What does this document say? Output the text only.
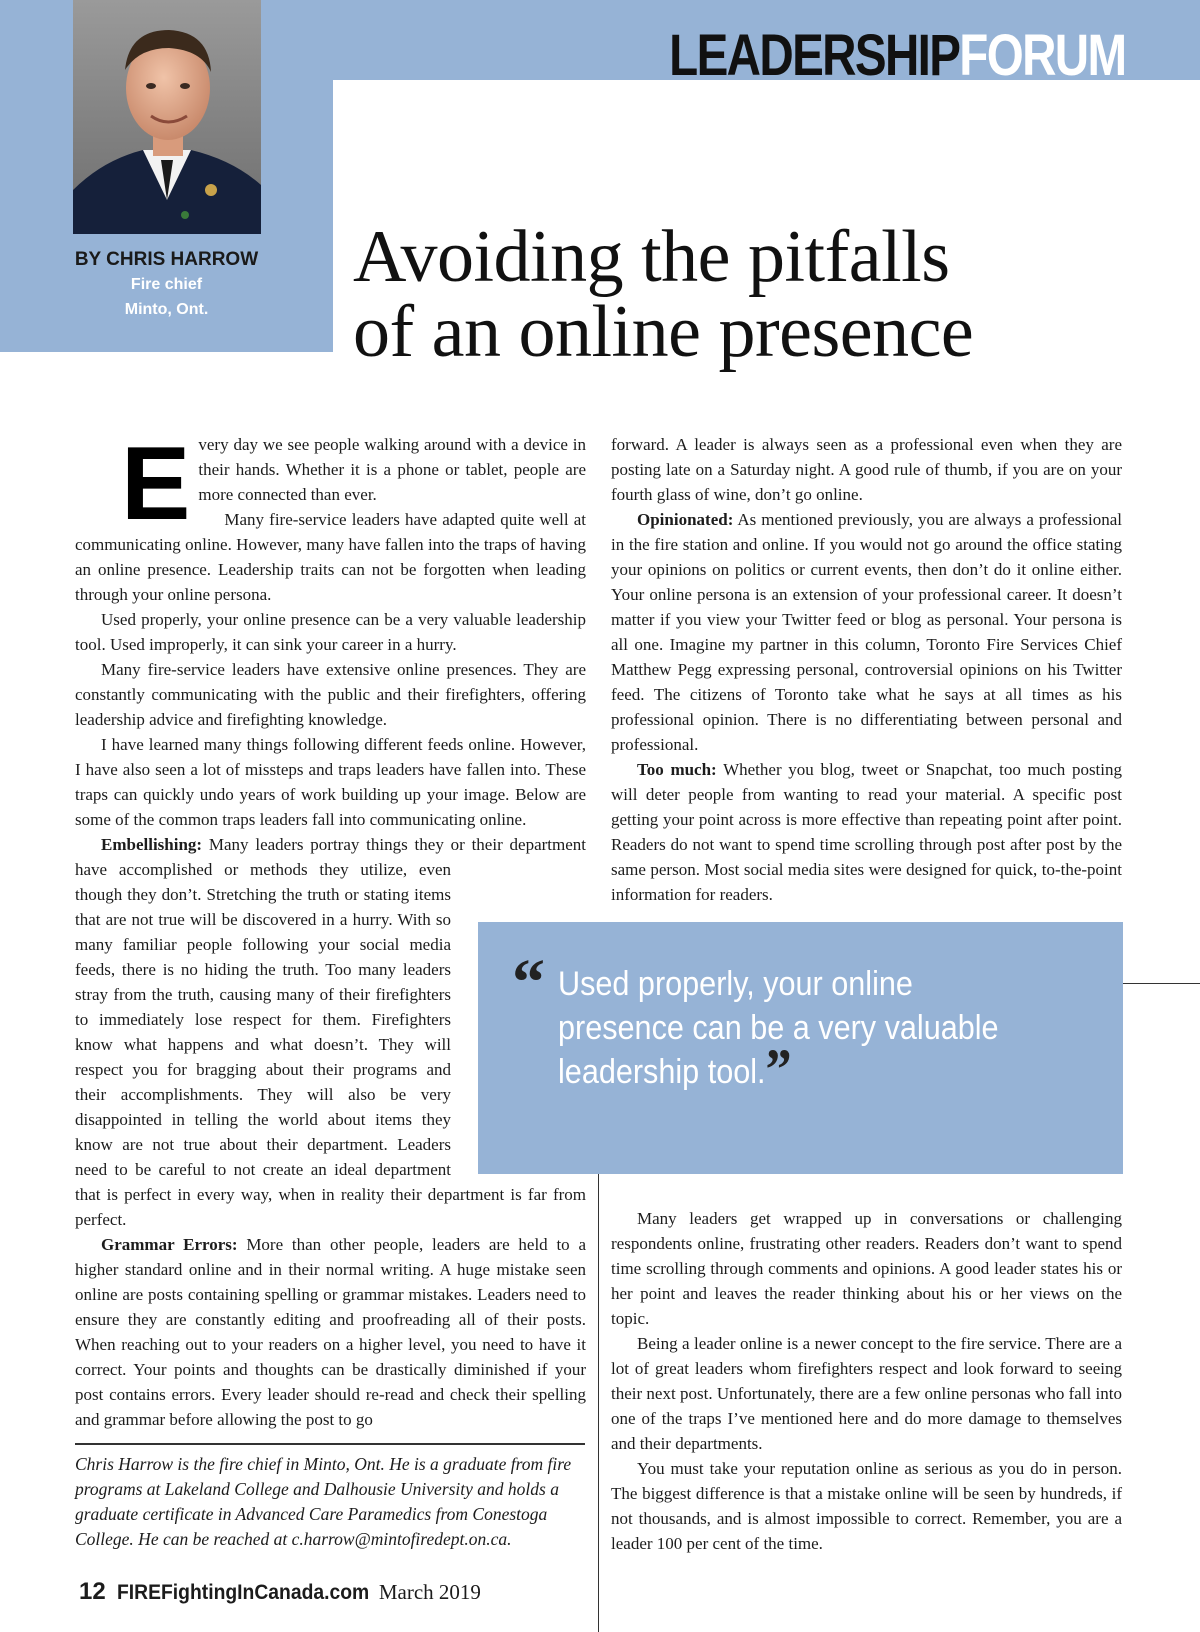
LEADERSHIPFORUM
BY CHRIS HARROW
Fire chief
Minto, Ont.
Avoiding the pitfalls
of an online presence

Every day we see people walking around with a device in their hands. Whether it is a phone or tablet, people are more connected than ever.

Many fire-service leaders have adapted quite well at communicating online. However, many have fallen into the traps of having an online presence. Leadership traits can not be forgotten when leading through your online persona.

Used properly, your online presence can be a very valuable leadership tool. Used improperly, it can sink your career in a hurry.

Many fire-service leaders have extensive online presences. They are constantly communicating with the public and their firefighters, offering leadership advice and firefighting knowledge.

I have learned many things following different feeds online. However, I have also seen a lot of missteps and traps leaders have fallen into. These traps can quickly undo years of work building up your image. Below are some of the common traps leaders fall into communicating online.

Embellishing: Many leaders portray things they or their department have accomplished or methods they utilize, even though they don’t. Stretching the truth or stating items that are not true will be discovered in a hurry. With so many familiar people following your social media feeds, there is no hiding the truth. Too many leaders stray from the truth, causing many of their firefighters to immediately lose respect for them. Firefighters know what happens and what doesn’t. They will respect you for bragging about their programs and their accomplishments. They will also be very disappointed in telling the world about items they know are not true about their department. Leaders need to be careful to not create an ideal department that is perfect in every way, when in reality their department is far from perfect.

Grammar Errors: More than other people, leaders are held to a higher standard online and in their normal writing. A huge mistake seen online are posts containing spelling or grammar mistakes. Leaders need to ensure they are constantly editing and proofreading all of their posts. When reaching out to your readers on a higher level, you need to have it correct. Your points and thoughts can be drastically diminished if your post contains errors. Every leader should re-read and check their spelling and grammar before allowing the post to go

forward. A leader is always seen as a professional even when they are posting late on a Saturday night. A good rule of thumb, if you are on your fourth glass of wine, don’t go online.

Opinionated: As mentioned previously, you are always a professional in the fire station and online. If you would not go around the office stating your opinions on politics or current events, then don’t do it online either. Your online persona is an extension of your professional career. It doesn’t matter if you view your Twitter feed or blog as personal. Your persona is all one. Imagine my partner in this column, Toronto Fire Services Chief Matthew Pegg expressing personal, controversial opinions on his Twitter feed. The citizens of Toronto take what he says at all times as his professional opinion. There is no differentiating between personal and professional.

Too much: Whether you blog, tweet or Snapchat, too much posting will deter people from wanting to read your material. A specific post getting your point across is more effective than repeating point after point. Readers do not want to spend time scrolling through post after post by the same person. Most social media sites were designed for quick, to-the-point information for readers.

“ Used properly, your online presence can be a very valuable leadership tool.”

Many leaders get wrapped up in conversations or challenging respondents online, frustrating other readers. Readers don’t want to spend time scrolling through comments and opinions. A good leader states his or her point and leaves the reader thinking about his or her views on the topic.

Being a leader online is a newer concept to the fire service. There are a lot of great leaders whom firefighters respect and look forward to seeing their next post. Unfortunately, there are a few online personas who fall into one of the traps I’ve mentioned here and do more damage to themselves and their departments.

You must take your reputation online as serious as you do in person. The biggest difference is that a mistake online will be seen by hundreds, if not thousands, and is almost impossible to correct. Remember, you are a leader 100 per cent of the time.

Chris Harrow is the fire chief in Minto, Ont. He is a graduate from fire programs at Lakeland College and Dalhousie University and holds a graduate certificate in Advanced Care Paramedics from Conestoga College. He can be reached at c.harrow@mintofiredept.on.ca.

12 FIREFightingInCanada.com March 2019
